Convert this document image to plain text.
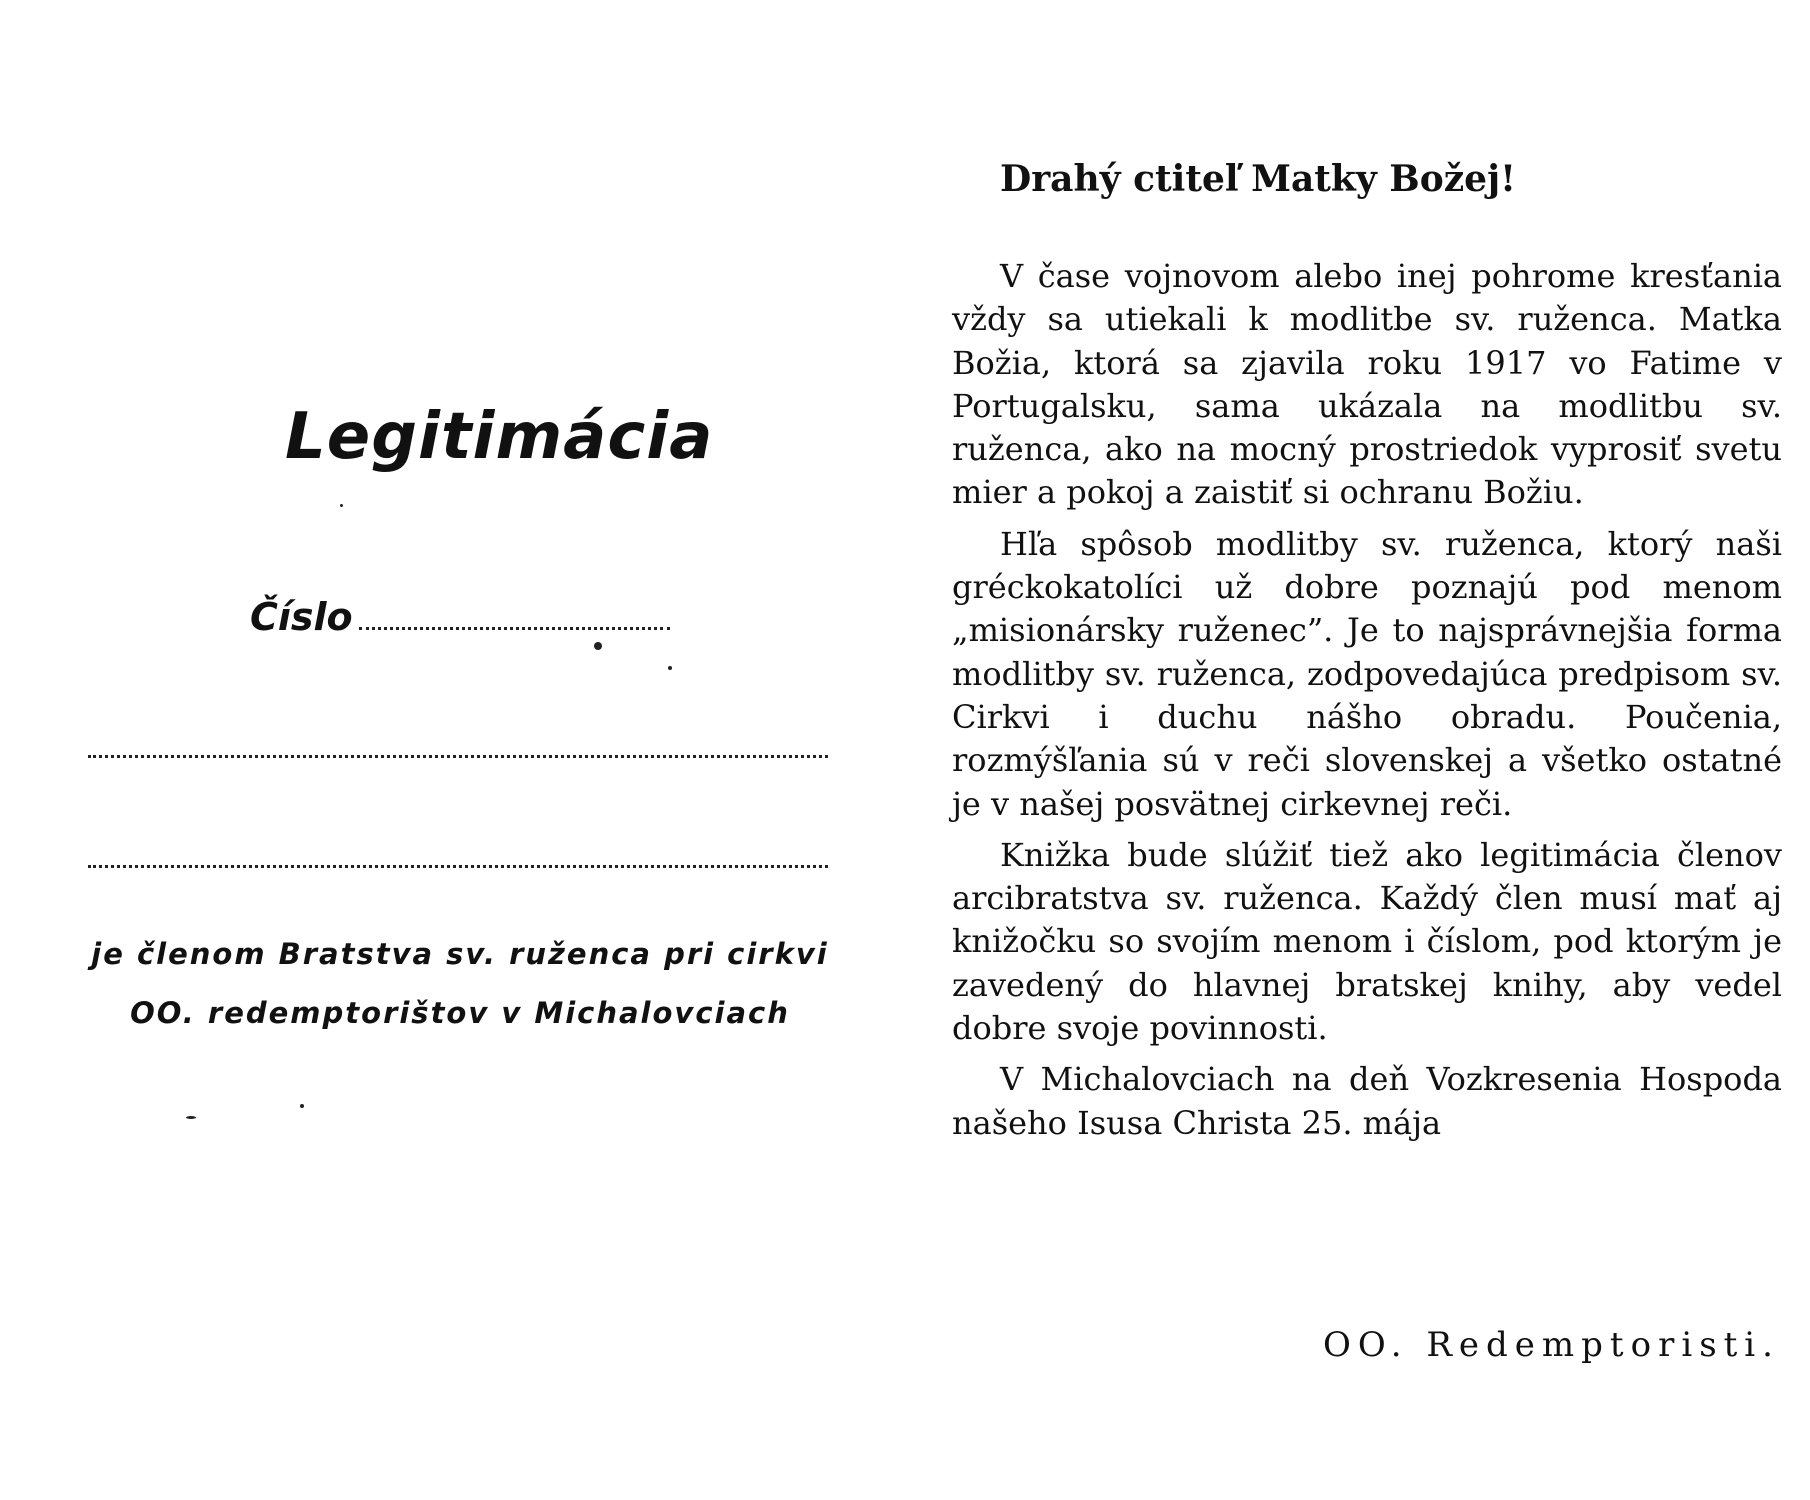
Legitimácia
Číslo
je členom Bratstva sv. ruženca pri cirkvi
OO. redemptorištov v Michalovciach
Drahý ctiteľ Matky Božej!

V čase vojnovom alebo inej pohrome kresťania vždy sa utiekali k modlitbe sv. ruženca. Matka Božia, ktorá sa zjavila roku 1917 vo Fatime v Portugalsku, sama ukázala na modlitbu sv. ruženca, ako na mocný prostriedok vyprosiť svetu mier a pokoj a zaistiť si ochranu Božiu.

Hľa spôsob modlitby sv. ruženca, ktorý naši gréckokatolíci už dobre poznajú pod menom „misionársky ruženec”. Je to najsprávnejšia forma modlitby sv. ruženca, zodpovedajúca predpisom sv. Cirkvi i duchu nášho obradu. Poučenia, rozmýšľania sú v reči slovenskej a všetko ostatné je v našej posvätnej cirkevnej reči.

Knižka bude slúžiť tiež ako legitimácia členov arcibratstva sv. ruženca. Každý člen musí mať aj knižočku so svojím menom i číslom, pod ktorým je zavedený do hlavnej bratskej knihy, aby vedel dobre svoje povinnosti.

V Michalovciach na deň Vozkresenia Hospoda našeho Isusa Christa 25. mája

OO. Redemptoristi.
